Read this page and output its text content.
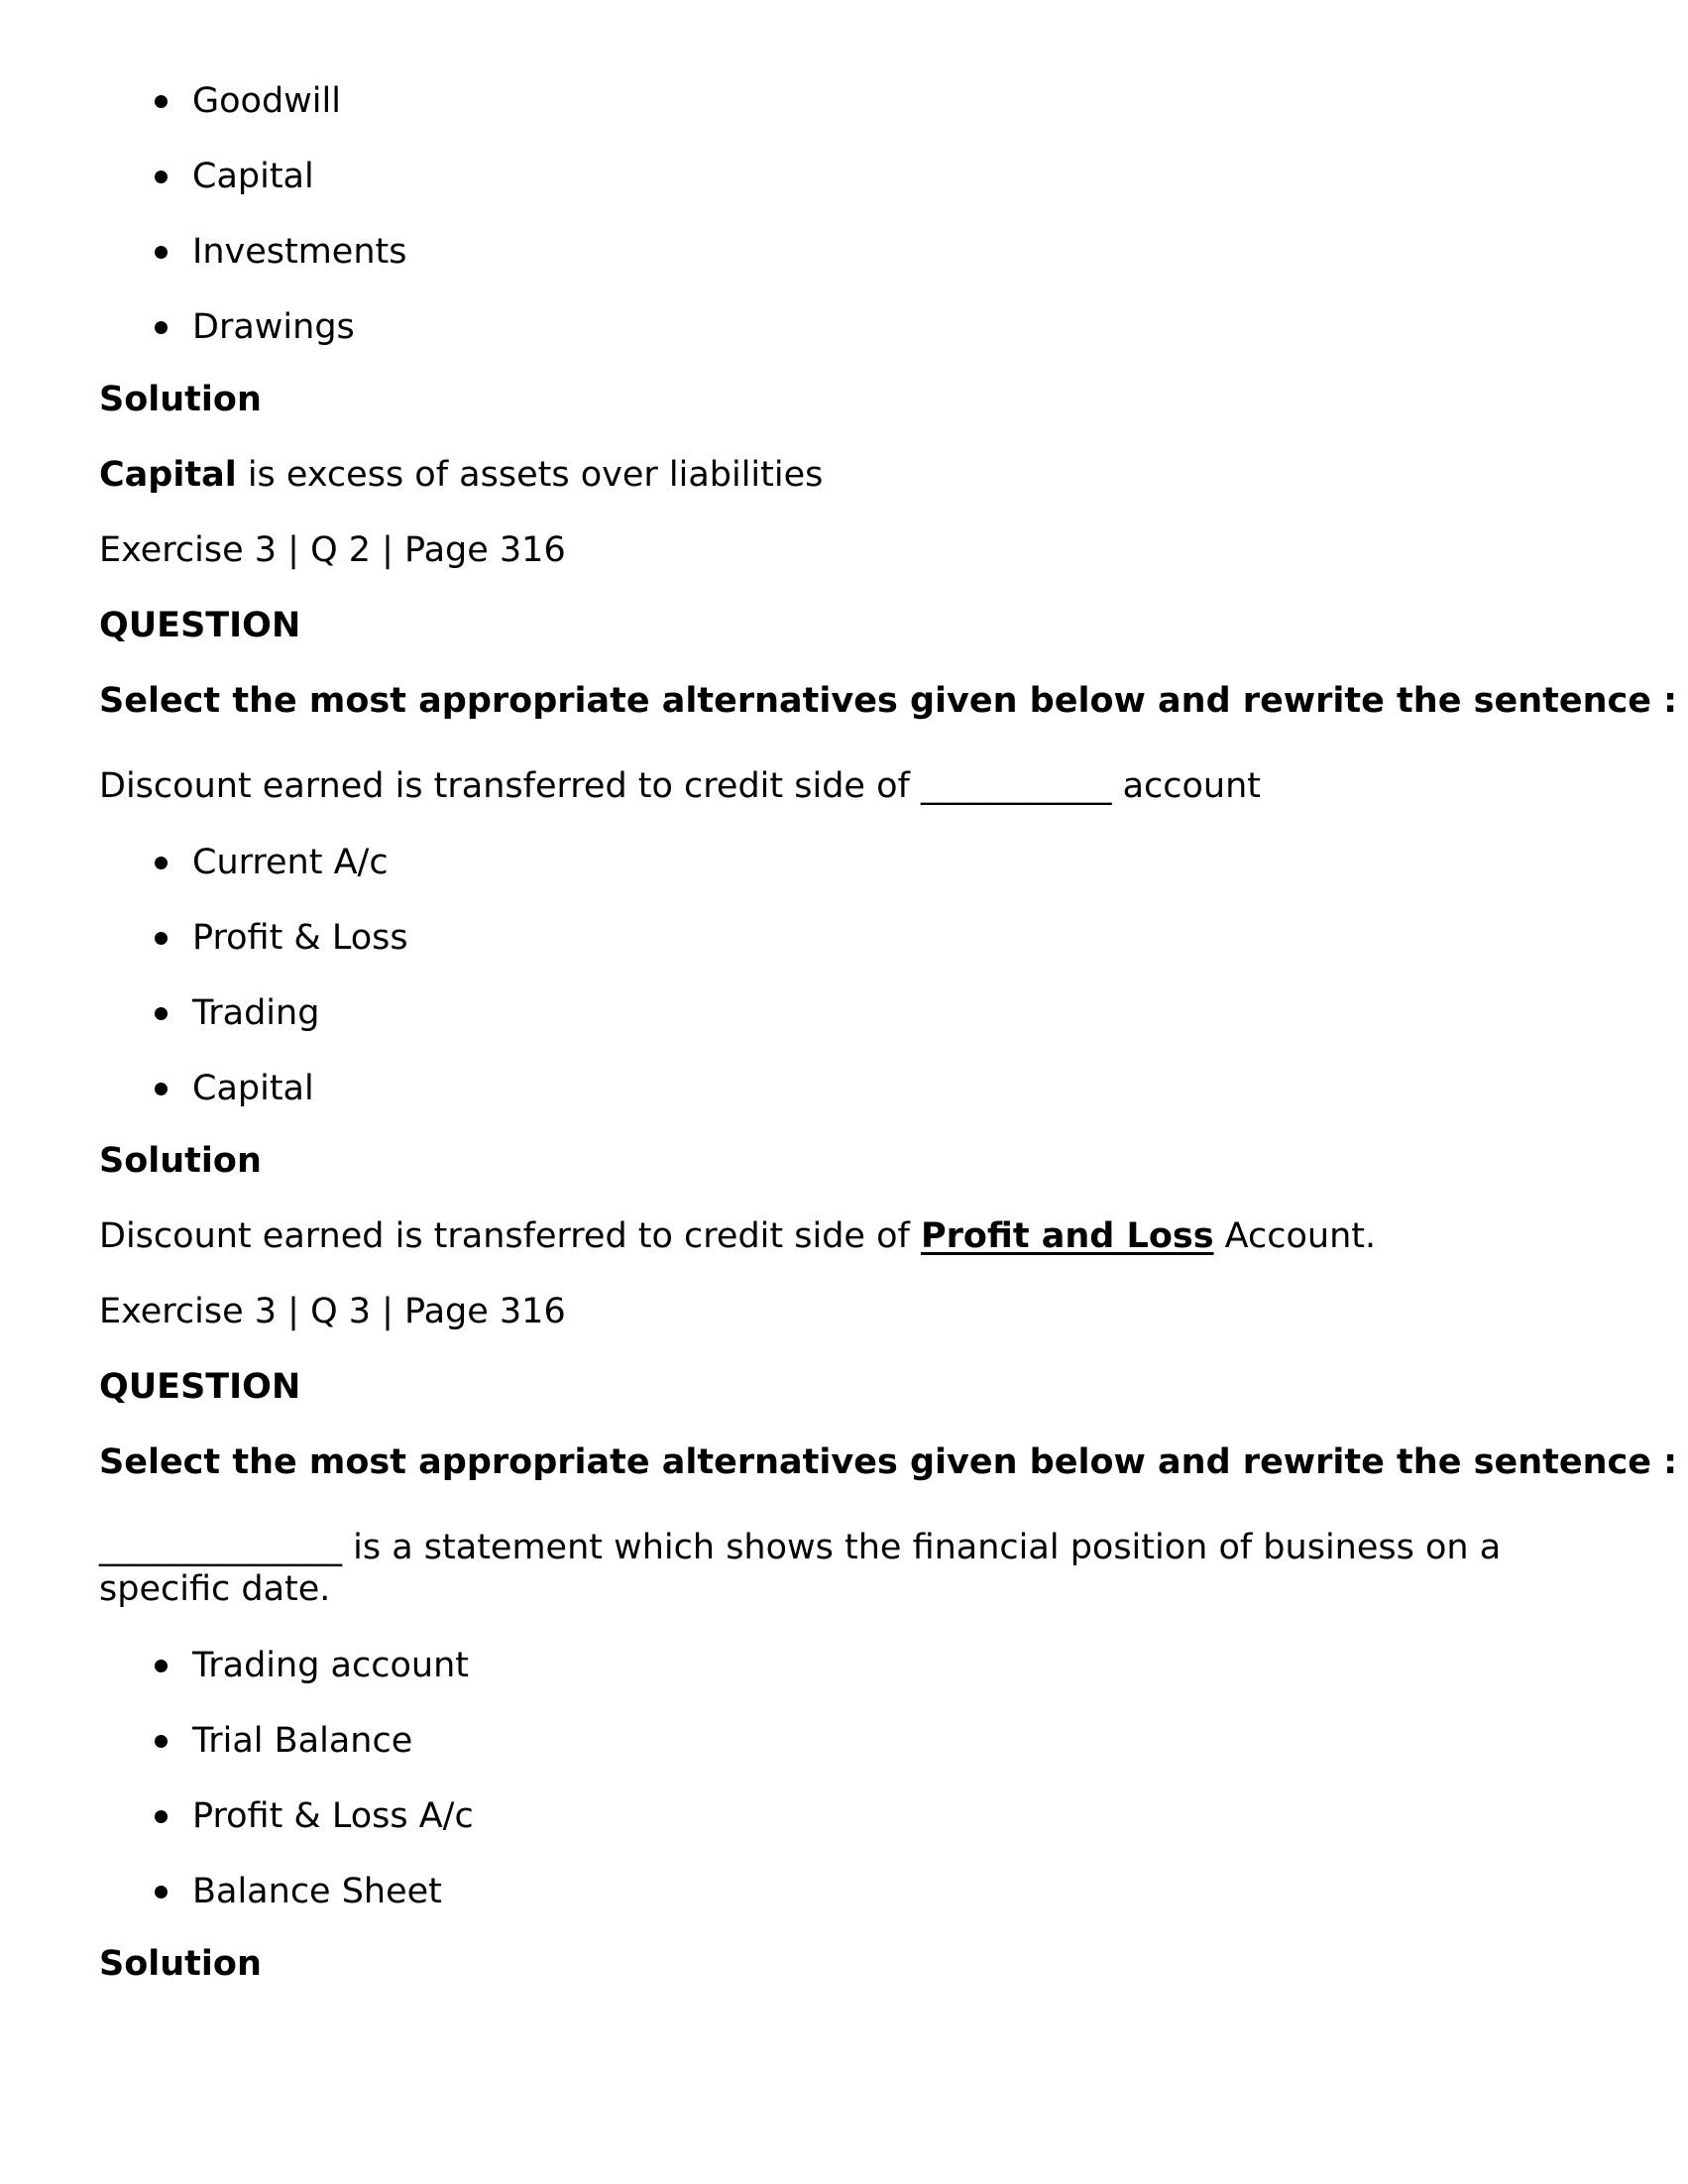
Goodwill
Capital
Investments
Drawings
Solution
Capital is excess of assets over liabilities
Exercise 3 | Q 2 | Page 316
QUESTION
Select the most appropriate alternatives given below and rewrite the sentence :
Discount earned is transferred to credit side of ___________ account
Current A/c
Profit & Loss
Trading
Capital
Solution
Discount earned is transferred to credit side of Profit and Loss Account.
Exercise 3 | Q 3 | Page 316
QUESTION
Select the most appropriate alternatives given below and rewrite the sentence :
______________ is a statement which shows the financial position of business on a specific date.
Trading account
Trial Balance
Profit & Loss A/c
Balance Sheet
Solution
